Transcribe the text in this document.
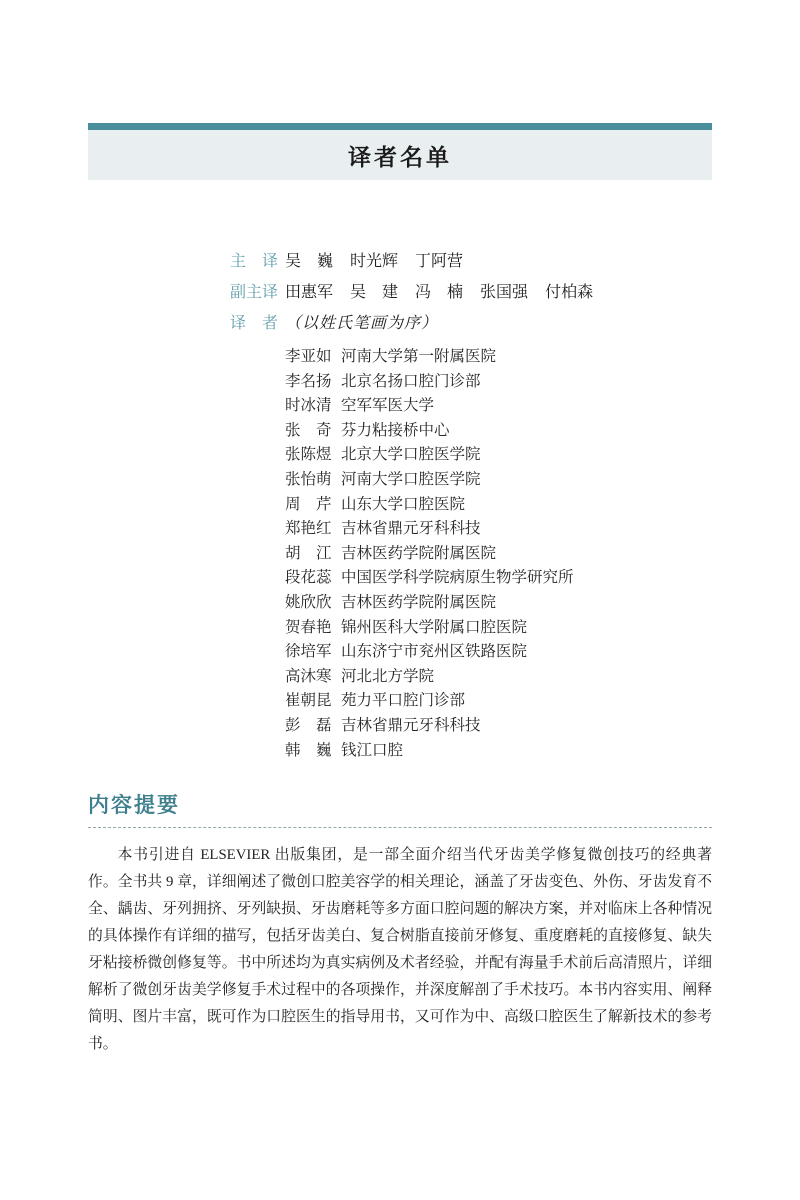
译者名单
主　译 吴　巍 时光辉 丁阿营
副主译 田惠军 吴　建 冯　楠 张国强 付柏森
译　者 （以姓氏笔画为序）
李亚如 河南大学第一附属医院
李名扬 北京名扬口腔门诊部
时冰清 空军军医大学
张　奇 芬力粘接桥中心
张陈煜 北京大学口腔医学院
张怡萌 河南大学口腔医学院
周　芹 山东大学口腔医院
郑艳红 吉林省鼎元牙科科技
胡　江 吉林医药学院附属医院
段花蕊 中国医学科学院病原生物学研究所
姚欣欣 吉林医药学院附属医院
贺春艳 锦州医科大学附属口腔医院
徐培军 山东济宁市兖州区铁路医院
高沐寒 河北北方学院
崔朝昆 苑力平口腔门诊部
彭　磊 吉林省鼎元牙科科技
韩　巍 钱江口腔
内容提要

本书引进自 ELSEVIER 出版集团，是一部全面介绍当代牙齿美学修复微创技巧的经典著作。全书共 9 章，详细阐述了微创口腔美容学的相关理论，涵盖了牙齿变色、外伤、牙齿发育不全、龋齿、牙列拥挤、牙列缺损、牙齿磨耗等多方面口腔问题的解决方案，并对临床上各种情况的具体操作有详细的描写，包括牙齿美白、复合树脂直接前牙修复、重度磨耗的直接修复、缺失牙粘接桥微创修复等。书中所述均为真实病例及术者经验，并配有海量手术前后高清照片，详细解析了微创牙齿美学修复手术过程中的各项操作，并深度解剖了手术技巧。本书内容实用、阐释简明、图片丰富，既可作为口腔医生的指导用书，又可作为中、高级口腔医生了解新技术的参考书。
